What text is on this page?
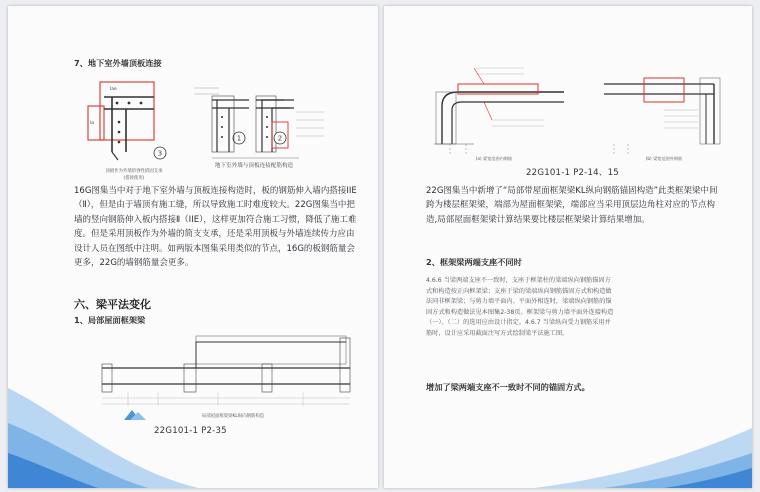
7、地下室外墙顶板连接

lae
la
3
顶板作为外墙的弹性嵌固支承
(搭接使用)
1	2
地下室外墙与顶板连接配筋构造

16G图集当中对于地下室外墙与顶板连接构造时，板的钢筋伸入墙内搭接IIE（Ⅱ），但是由于墙顶有施工缝，所以导致施工时难度较大。22G图集当中把墙的竖向钢筋伸入板内搭接Ⅱ（IIE），这样更加符合施工习惯，降低了施工难度。但是采用顶板作为外墙的简支支承，还是采用顶板与外墙连续传力应由设计人员在图纸中注明。如两版本图集采用类似的节点，16G的板钢筋量会更多，22G的墙钢筋量会更多。

六、梁平法变化

1、局部屋面框架梁

局部屋面框架梁KL纵向钢筋构造

22G101-1 P2-35

(a) 梁宽范围内钢筋	(b) 梁宽范围外钢筋

22G101-1 P2-14、15

22G图集当中新增了“局部带屋面框架梁KL纵向钢筋锚固构造”此类框架梁中间跨为楼层框架梁，端部为屋面框架梁，端部应当采用顶层边角柱对应的节点构造,局部屋面框架梁计算结果要比楼层框架梁计算结果增加。

2、框架梁两端支座不同时

4.6.6 当梁两端支座不一致时，支座于框架柱的梁端纵向钢筋锚固方式和构造按正向框架梁；支座于梁的梁端纵向钢筋锚固方式和构造做法同非框架梁；与剪力墙平面内、平面外相连时，梁端纵向钢筋的锚固方式和构造做法见本图集2-38页。框架梁与剪力墙平面外连接构造（一）、（二）的选用应由设计指定。4.6.7 当梁纵向受力钢筋采用并筋时，设计应采用截面注写方式绘制梁平法施工图。

增加了梁两端支座不一致时不同的锚固方式。
